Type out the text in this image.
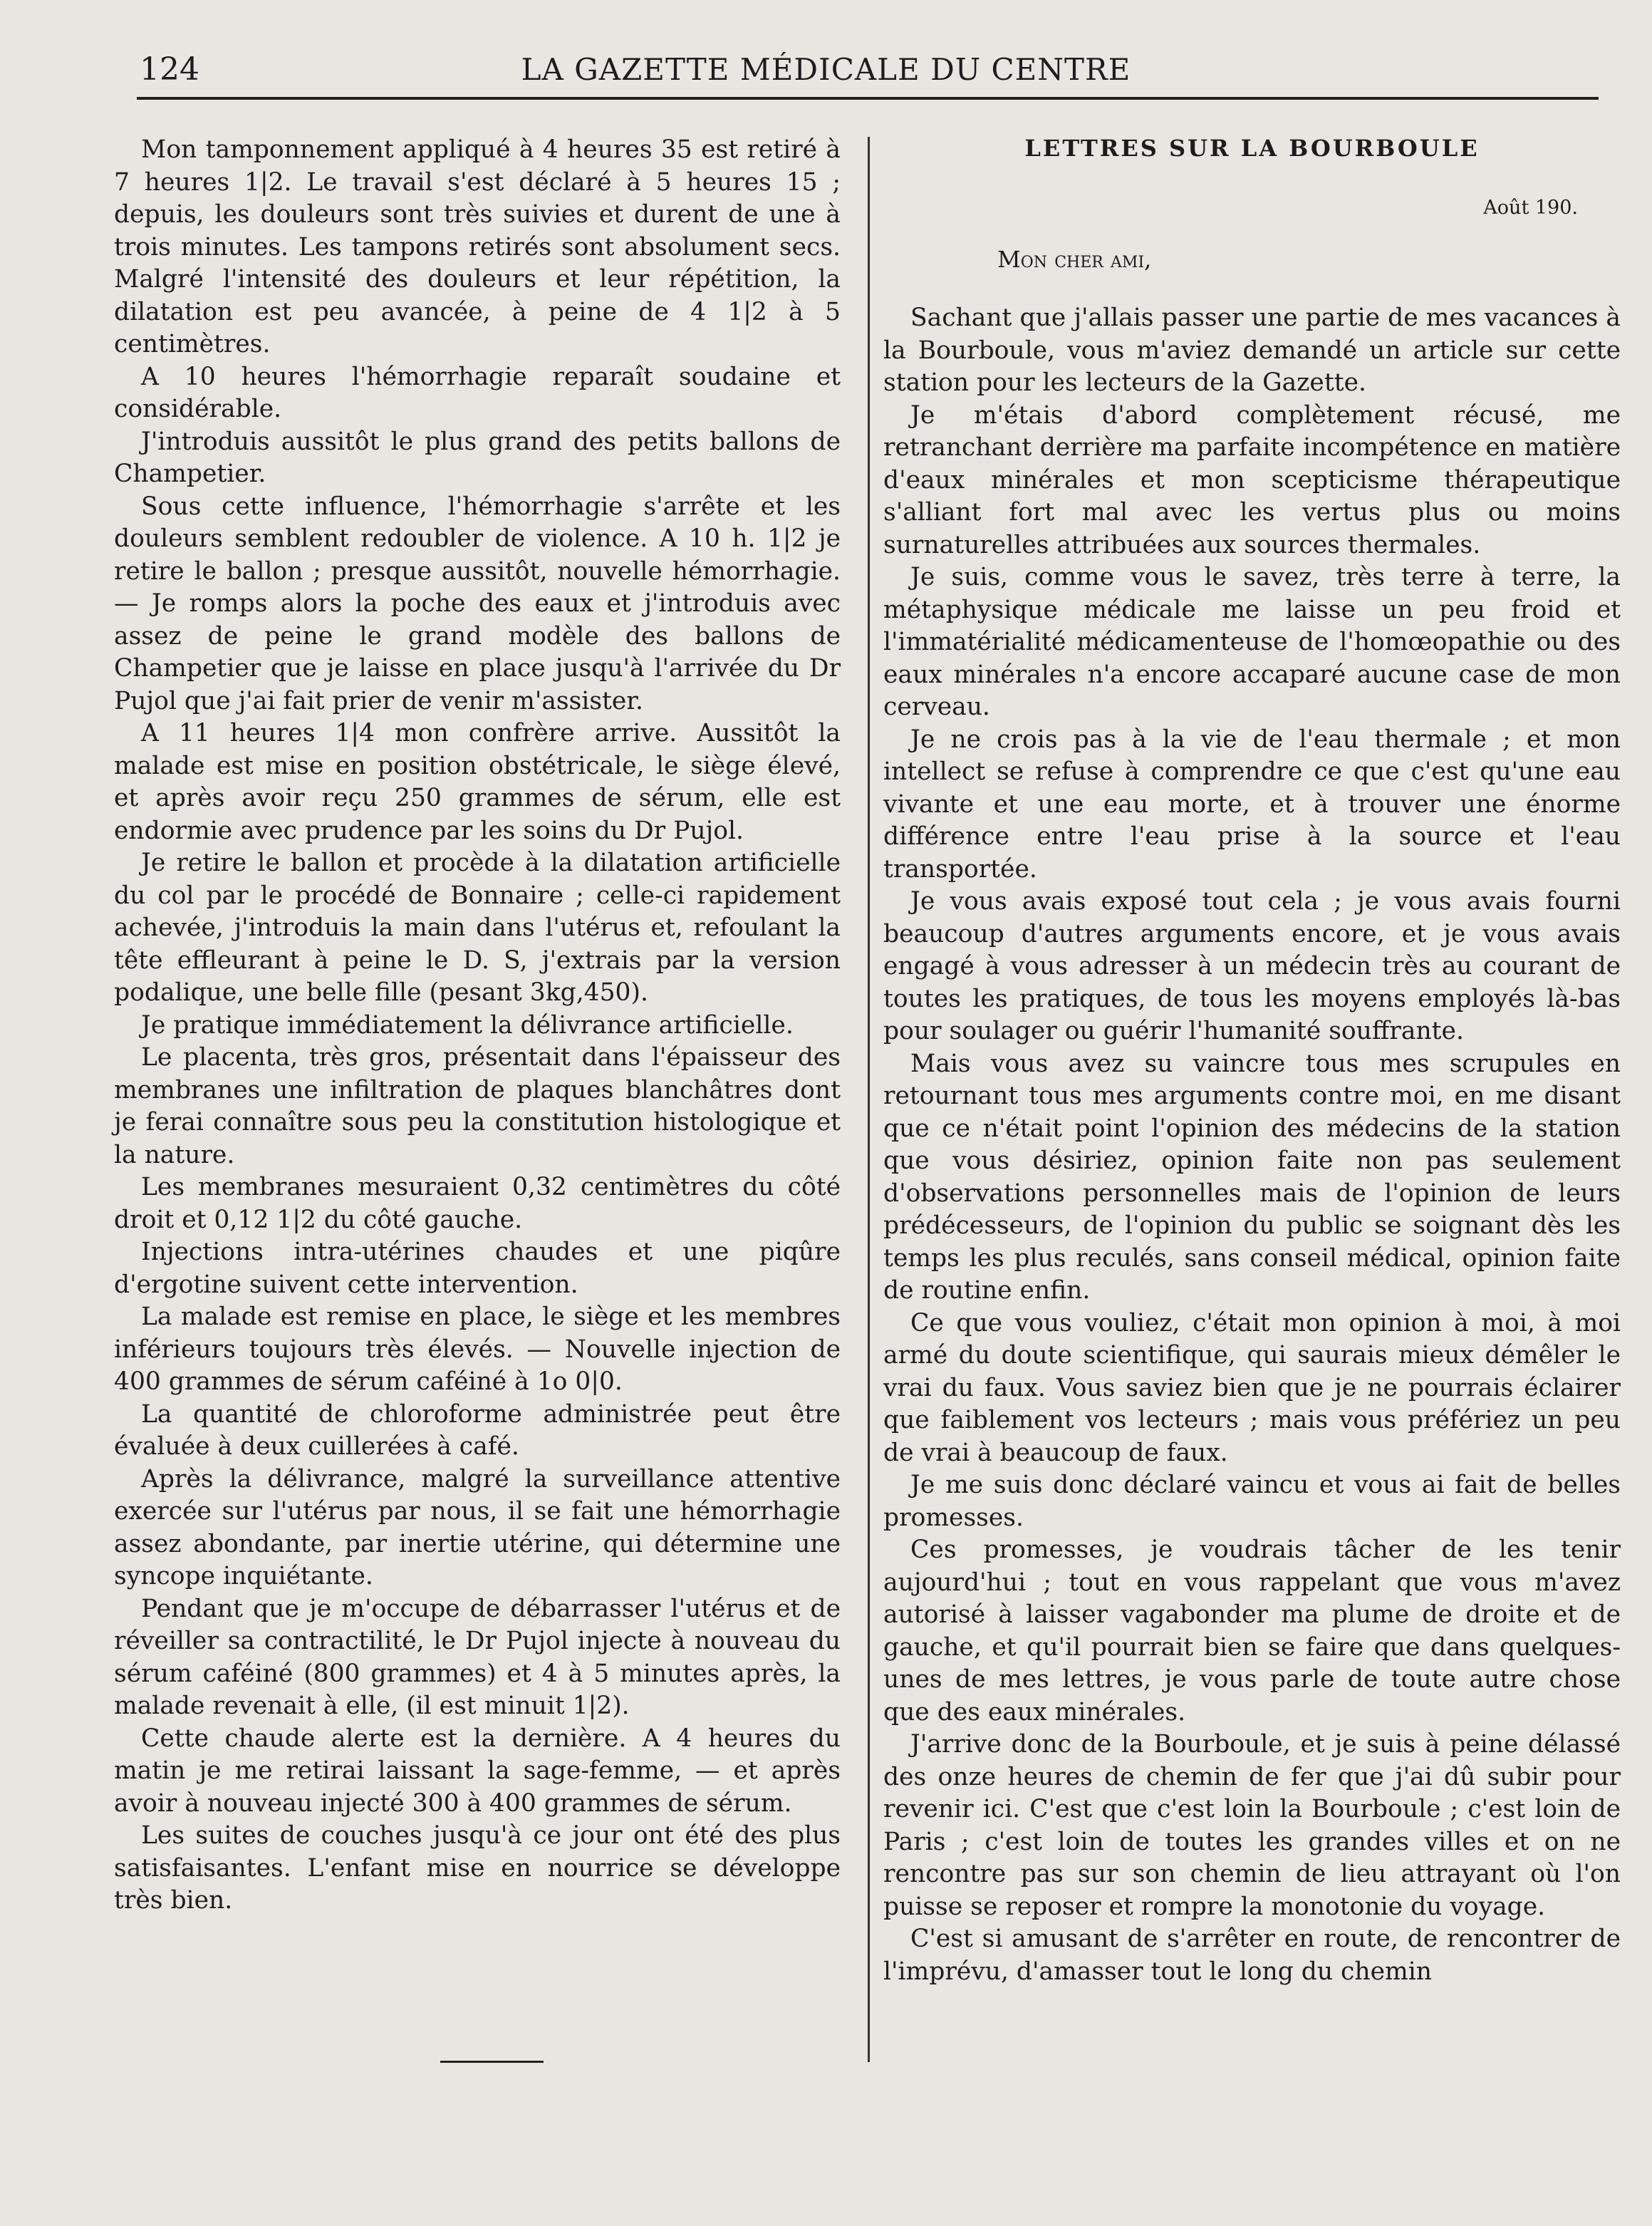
124	LA GAZETTE MÉDICALE DU CENTRE

Mon tamponnement appliqué à 4 heures 35 est retiré à 7 heures 1|2. Le travail s'est déclaré à 5 heures 15 ; depuis, les douleurs sont très suivies et durent de une à trois minutes. Les tampons retirés sont absolument secs. Malgré l'intensité des douleurs et leur répétition, la dilatation est peu avancée, à peine de 4 1|2 à 5 centimètres.

A 10 heures l'hémorrhagie reparaît soudaine et considérable.

J'introduis aussitôt le plus grand des petits ballons de Champetier.

Sous cette influence, l'hémorrhagie s'arrête et les douleurs semblent redoubler de violence. A 10 h. 1|2 je retire le ballon ; presque aussitôt, nouvelle hémorrhagie. — Je romps alors la poche des eaux et j'introduis avec assez de peine le grand modèle des ballons de Champetier que je laisse en place jusqu'à l'arrivée du Dr Pujol que j'ai fait prier de venir m'assister.

A 11 heures 1|4 mon confrère arrive. Aussitôt la malade est mise en position obstétricale, le siège élevé, et après avoir reçu 250 grammes de sérum, elle est endormie avec prudence par les soins du Dr Pujol.

Je retire le ballon et procède à la dilatation artificielle du col par le procédé de Bonnaire ; celle-ci rapidement achevée, j'introduis la main dans l'utérus et, refoulant la tête effleurant à peine le D. S, j'extrais par la version podalique, une belle fille (pesant 3kg,450).

Je pratique immédiatement la délivrance artificielle.

Le placenta, très gros, présentait dans l'épaisseur des membranes une infiltration de plaques blanchâtres dont je ferai connaître sous peu la constitution histologique et la nature.

Les membranes mesuraient 0,32 centimètres du côté droit et 0,12 1|2 du côté gauche.

Injections intra-utérines chaudes et une piqûre d'ergotine suivent cette intervention.

La malade est remise en place, le siège et les membres inférieurs toujours très élevés. — Nouvelle injection de 400 grammes de sérum caféiné à 1o 0|0.

La quantité de chloroforme administrée peut être évaluée à deux cuillerées à café.

Après la délivrance, malgré la surveillance attentive exercée sur l'utérus par nous, il se fait une hémorrhagie assez abondante, par inertie utérine, qui détermine une syncope inquiétante.

Pendant que je m'occupe de débarrasser l'utérus et de réveiller sa contractilité, le Dr Pujol injecte à nouveau du sérum caféiné (800 grammes) et 4 à 5 minutes après, la malade revenait à elle, (il est minuit 1|2).

Cette chaude alerte est la dernière. A 4 heures du matin je me retirai laissant la sage-femme, — et après avoir à nouveau injecté 300 à 400 grammes de sérum.

Les suites de couches jusqu'à ce jour ont été des plus satisfaisantes. L'enfant mise en nourrice se développe très bien.

LETTRES SUR LA BOURBOULE
Août 190.
Mon cher ami,

Sachant que j'allais passer une partie de mes vacances à la Bourboule, vous m'aviez demandé un article sur cette station pour les lecteurs de la Gazette.

Je m'étais d'abord complètement récusé, me retranchant derrière ma parfaite incompétence en matière d'eaux minérales et mon scepticisme thérapeutique s'alliant fort mal avec les vertus plus ou moins surnaturelles attribuées aux sources thermales.

Je suis, comme vous le savez, très terre à terre, la métaphysique médicale me laisse un peu froid et l'immatérialité médicamenteuse de l'homœopathie ou des eaux minérales n'a encore accaparé aucune case de mon cerveau.

Je ne crois pas à la vie de l'eau thermale ; et mon intellect se refuse à comprendre ce que c'est qu'une eau vivante et une eau morte, et à trouver une énorme différence entre l'eau prise à la source et l'eau transportée.

Je vous avais exposé tout cela ; je vous avais fourni beaucoup d'autres arguments encore, et je vous avais engagé à vous adresser à un médecin très au courant de toutes les pratiques, de tous les moyens employés là-bas pour soulager ou guérir l'humanité souffrante.

Mais vous avez su vaincre tous mes scrupules en retournant tous mes arguments contre moi, en me disant que ce n'était point l'opinion des médecins de la station que vous désiriez, opinion faite non pas seulement d'observations personnelles mais de l'opinion de leurs prédécesseurs, de l'opinion du public se soignant dès les temps les plus reculés, sans conseil médical, opinion faite de routine enfin.

Ce que vous vouliez, c'était mon opinion à moi, à moi armé du doute scientifique, qui saurais mieux démêler le vrai du faux. Vous saviez bien que je ne pourrais éclairer que faiblement vos lecteurs ; mais vous préfériez un peu de vrai à beaucoup de faux.

Je me suis donc déclaré vaincu et vous ai fait de belles promesses.

Ces promesses, je voudrais tâcher de les tenir aujourd'hui ; tout en vous rappelant que vous m'avez autorisé à laisser vagabonder ma plume de droite et de gauche, et qu'il pourrait bien se faire que dans quelques-unes de mes lettres, je vous parle de toute autre chose que des eaux minérales.

J'arrive donc de la Bourboule, et je suis à peine délassé des onze heures de chemin de fer que j'ai dû subir pour revenir ici. C'est que c'est loin la Bourboule ; c'est loin de Paris ; c'est loin de toutes les grandes villes et on ne rencontre pas sur son chemin de lieu attrayant où l'on puisse se reposer et rompre la monotonie du voyage.

C'est si amusant de s'arrêter en route, de rencontrer de l'imprévu, d'amasser tout le long du chemin
